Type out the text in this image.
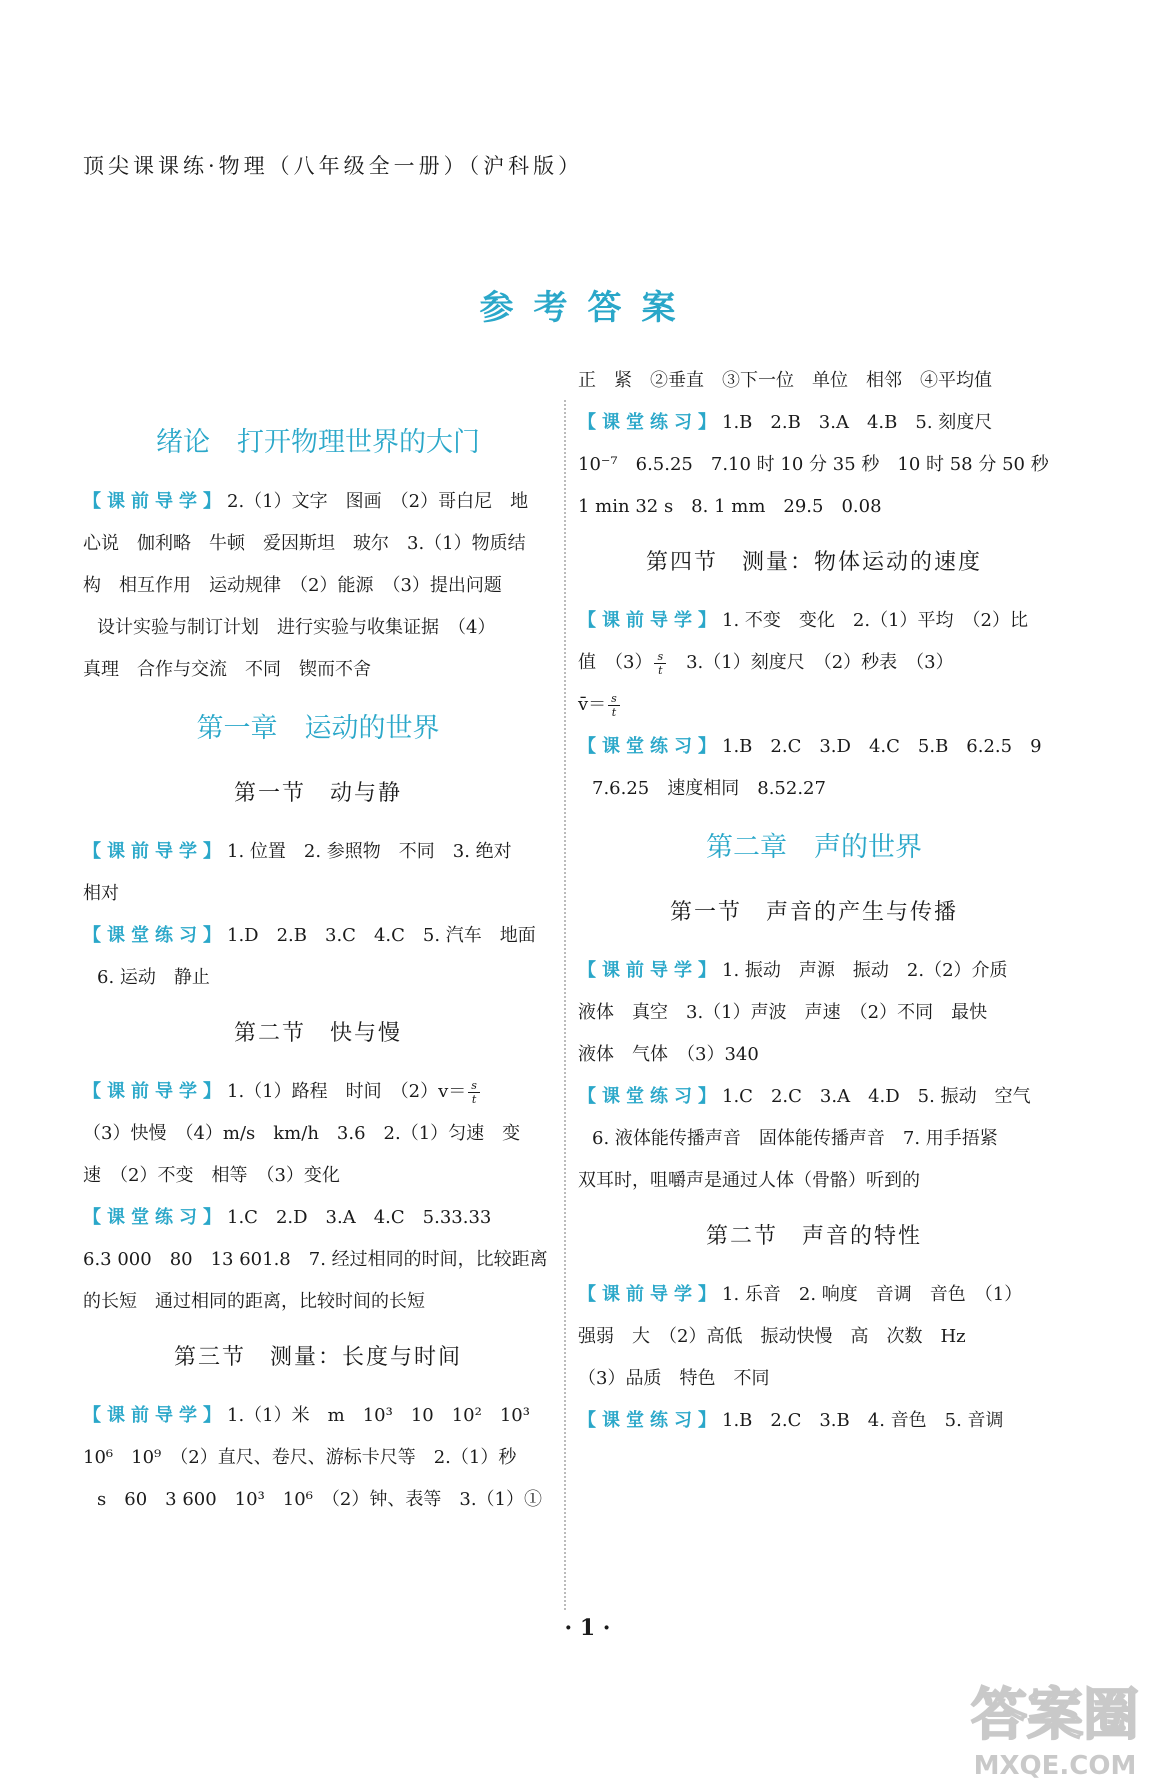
顶尖课课练·物理（八年级全一册）（沪科版）
参考答案
绪论　打开物理世界的大门
【课前导学】2.（1）文字　图画　（2）哥白尼　地
心说　伽利略　牛顿　爱因斯坦　玻尔　3.（1）物质结
构　相互作用　运动规律　（2）能源　（3）提出问题
设计实验与制订计划　进行实验与收集证据　（4）
真理　合作与交流　不同　锲而不舍
第一章　运动的世界
第一节　动与静
【课前导学】1. 位置　2. 参照物　不同　3. 绝对
相对
【课堂练习】1.D　2.B　3.C　4.C　5. 汽车　地面
6. 运动　静止
第二节　快与慢
【课前导学】1.（1）路程　时间　$(2)v= \frac{s}{t}$
（3）快慢　（4）m/s　km/h　3.6　2.（1）匀速　变
速　（2）不变　相等　（3）变化
【课堂练习】1.C　2.D　3.A　4.C　5.33.33
6.3 000　80　13 601.8　7. 经过相同的时间，比较距离
的长短　通过相同的距离，比较时间的长短
第三节　测量：长度与时间
【课前导学】1.（1）米　m　10³　10　10²　10³
10⁶　10⁹　（2）直尺、卷尺、游标卡尺等　2.（1）秒
s　60　3 600　10³　10⁶　（2）钟、表等　3.（1）①
正　紧　②垂直　③下一位　单位　相邻　④平均值
【课堂练习】1.B　2.B　3.A　4.B　5. 刻度尺
10⁻⁷　6.5.25　7.10 时 10 分 35 秒　10 时 58 分 50 秒
1 min 32 s　8. 1 mm　29.5　0.08
第四节　测量：物体运动的速度
【课前导学】1. 不变　变化　2.（1）平均　（2）比
值　$(3) \frac{s}{t}$ 　3.（1）刻度尺　（2）秒表　（3）
v̄＝ $\frac{s}{t}$
【课堂练习】1.B　2.C　3.D　4.C　5.B　6.2.5　9
7.6.25　速度相同　8.52.27
第二章　声的世界
第一节　声音的产生与传播
【课前导学】1. 振动　声源　振动　2.（2）介质
液体　真空　3.（1）声波　声速　（2）不同　最快
液体　气体　（3）340
【课堂练习】1.C　2.C　3.A　4.D　5. 振动　空气
6. 液体能传播声音　固体能传播声音　7. 用手捂紧
双耳时，咀嚼声是通过人体（骨骼）听到的
第二节　声音的特性
【课前导学】1. 乐音　2. 响度　音调　音色　（1）
强弱　大　（2）高低　振动快慢　高　次数　Hz
（3）品质　特色　不同
【课堂练习】1.B　2.C　3.B　4. 音色　5. 音调
· 1 ·
答案圈
MXQE.COM
